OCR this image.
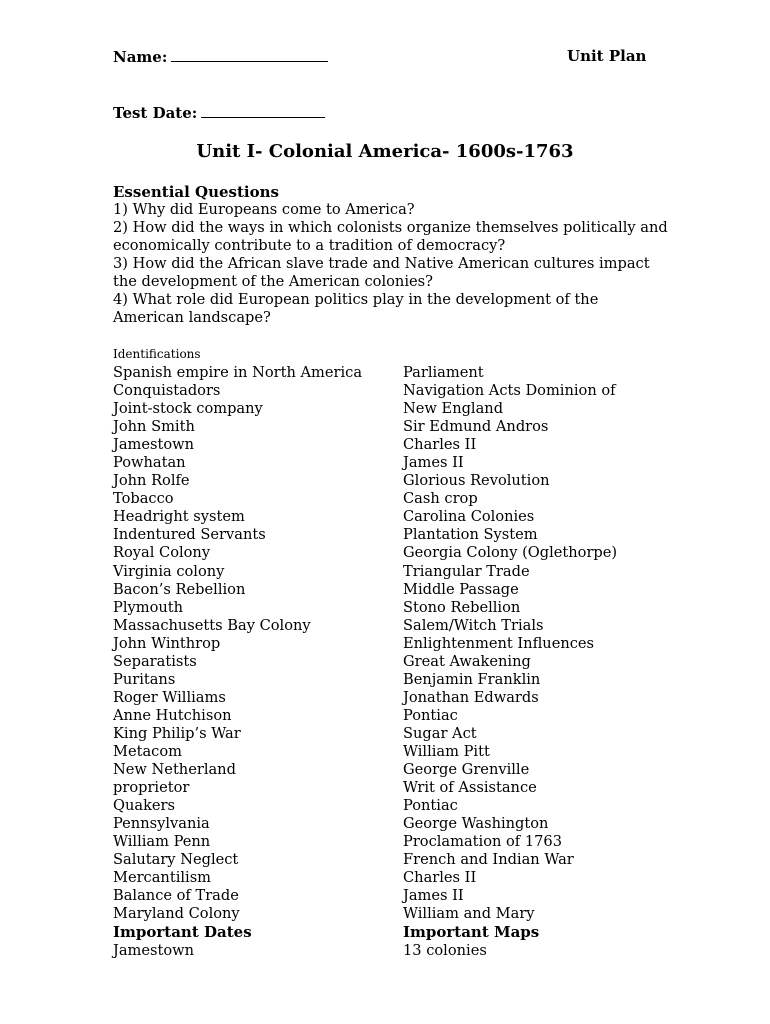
Name:	Unit Plan
Test Date:
Unit I- Colonial America- 1600s-1763
Essential Questions

1) Why did Europeans come to America?

2) How did the ways in which colonists organize themselves politically and economically contribute to a tradition of democracy?

3) How did the African slave trade and Native American cultures impact the development of the American colonies?

4) What role did European politics play in the development of the American landscape?

Identifications
Spanish empire in North America
Conquistadors
Joint-stock company
John Smith
Jamestown
Powhatan
John Rolfe
Tobacco
Headright system
Indentured Servants
Royal Colony
Virginia colony
Bacon’s Rebellion
Plymouth
Massachusetts Bay Colony
John Winthrop
Separatists
Puritans
Roger Williams
Anne Hutchison
King Philip’s War
Metacom
New Netherland
proprietor
Quakers
Pennsylvania
William Penn
Salutary Neglect
Mercantilism
Balance of Trade
Maryland Colony
Important Dates
Jamestown
Parliament
Navigation Acts Dominion of
New England
Sir Edmund Andros
Charles II
James II
Glorious Revolution
Cash crop
Carolina Colonies
Plantation System
Georgia Colony (Oglethorpe)
Triangular Trade
Middle Passage
Stono Rebellion
Salem/Witch Trials
Enlightenment Influences
Great Awakening
Benjamin Franklin
Jonathan Edwards
Pontiac
Sugar Act
William Pitt
George Grenville
Writ of Assistance
Pontiac
George Washington
Proclamation of 1763
French and Indian War
Charles II
James II
William and Mary
Important Maps
13 colonies
